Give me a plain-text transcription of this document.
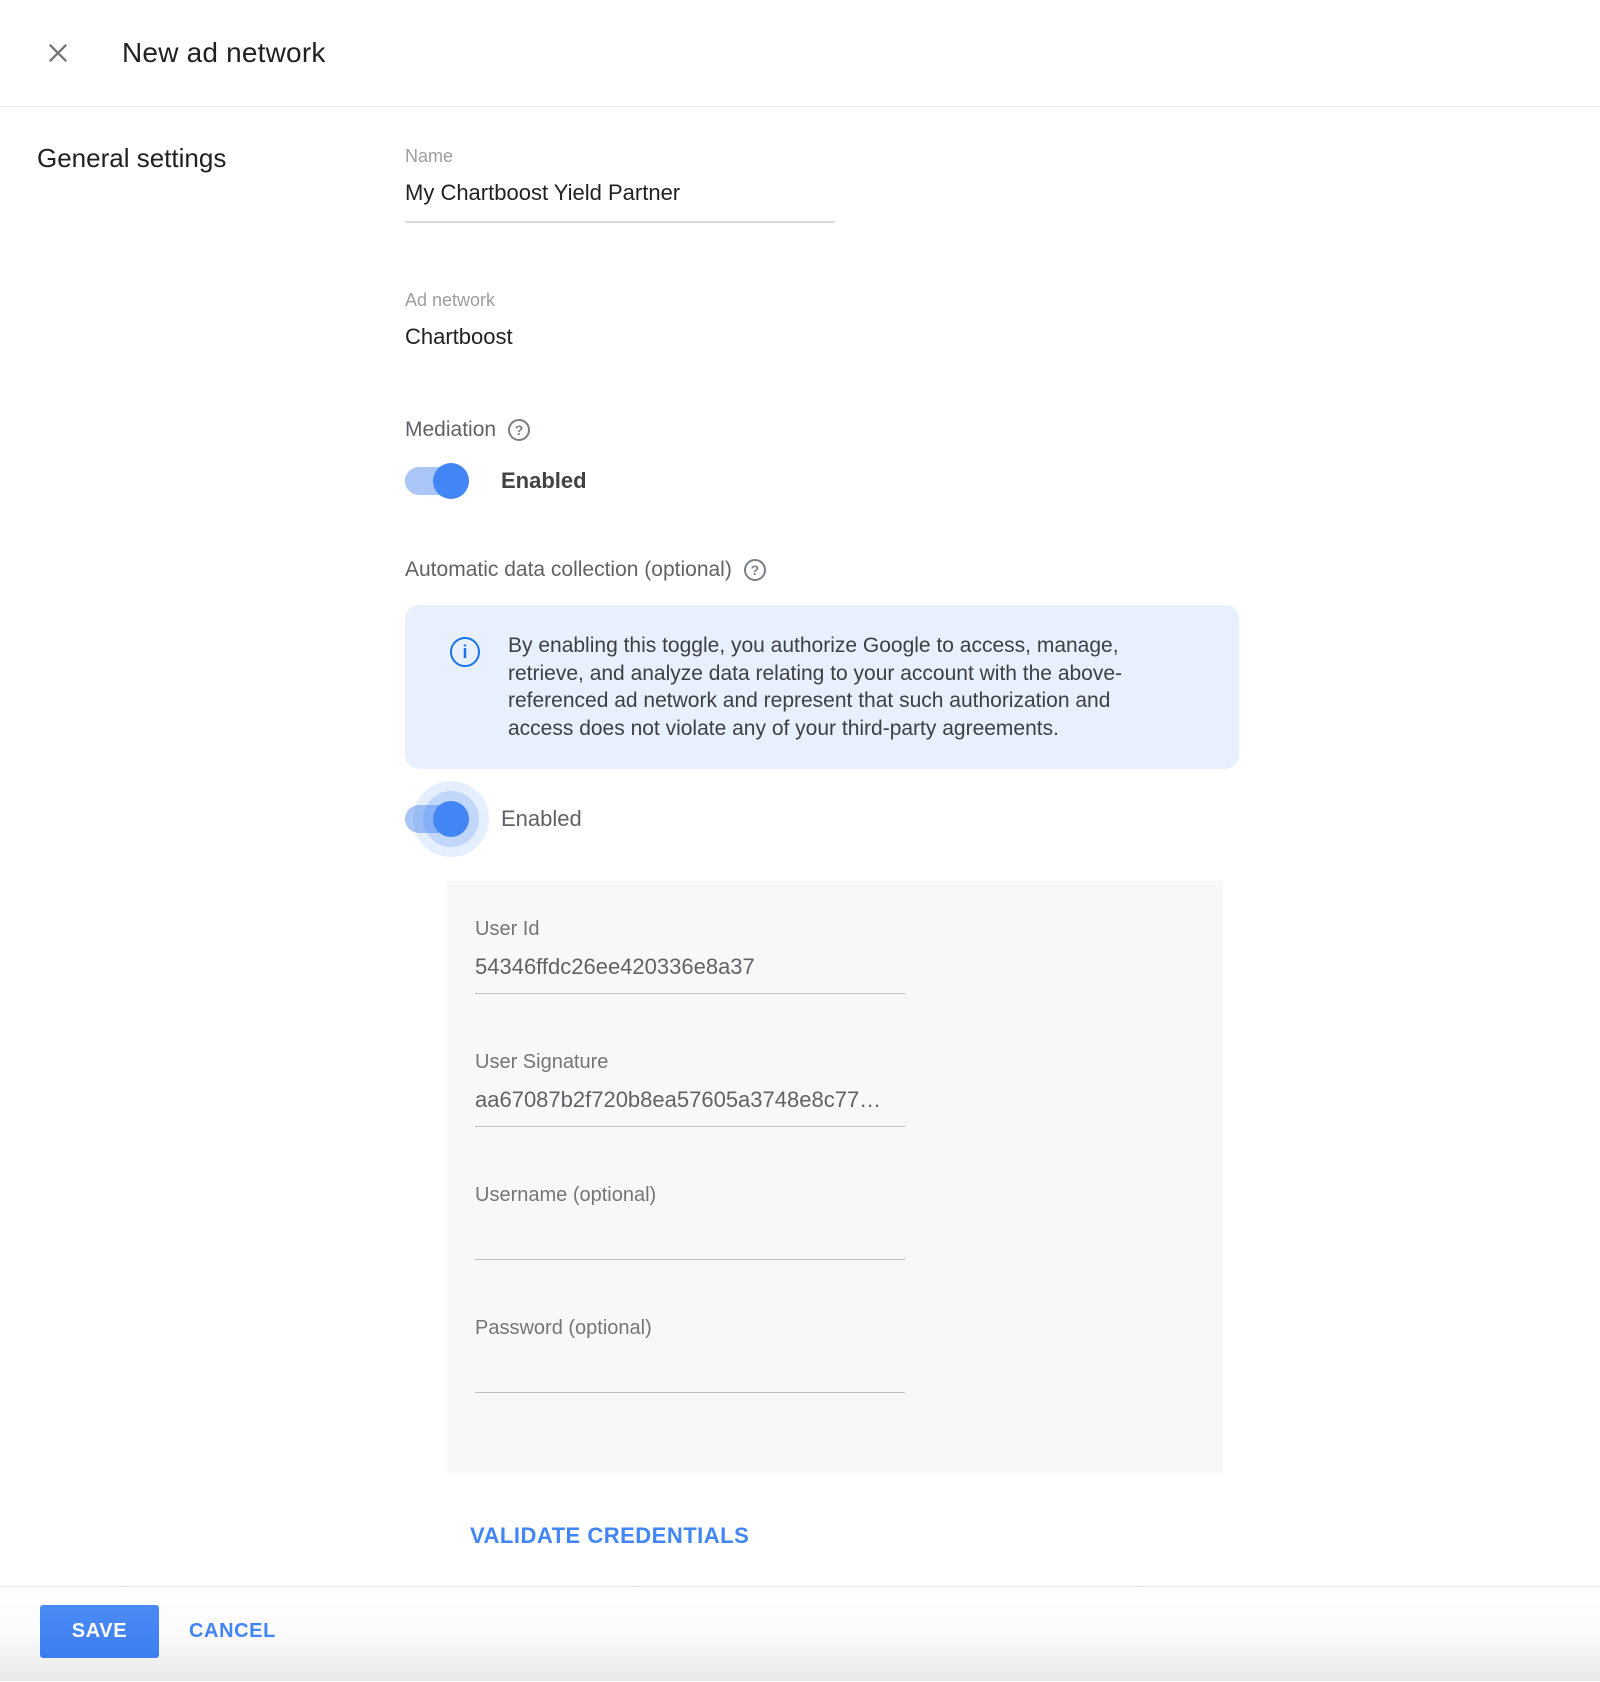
New ad network
General settings	Name
My Chartboost Yield Partner
Ad network
Chartboost
Mediation	?
Enabled
Automatic data collection (optional)	?
i	By enabling this toggle, you authorize Google to access, manage,
retrieve, and analyze data relating to your account with the above-
referenced ad network and represent that such authorization and
access does not violate any of your third-party agreements.
Enabled
User Id
54346ffdc26ee420336e8a37
User Signature
aa67087b2f720b8ea57605a3748e8c77…
Username (optional)
Password (optional)
VALIDATE CREDENTIALS
SAVE	CANCEL
